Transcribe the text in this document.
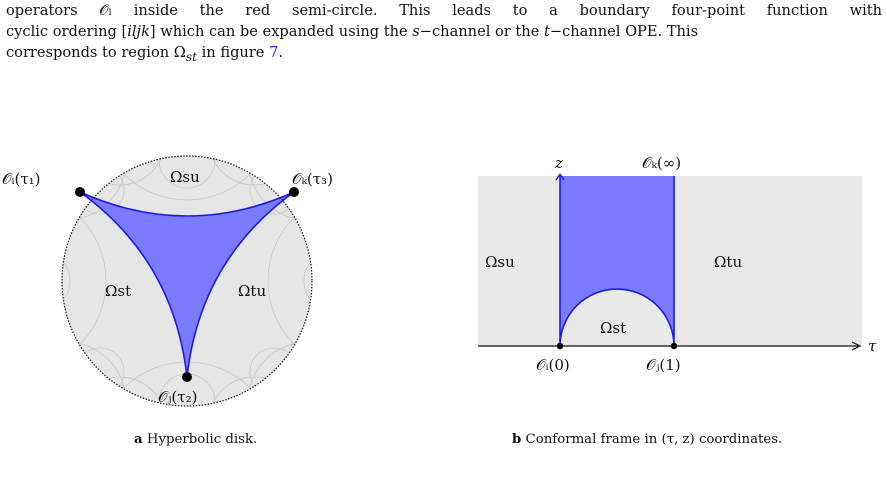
operators 𝒪ₗ inside the red semi-circle. This leads to a boundary four-point function with
cyclic ordering [iljk] which can be expanded using the s−channel or the t−channel OPE. This
corresponds to region $\Omega_{st}$ in figure 7.
𝒪ᵢ(τ₁)	𝒪ₖ(τ₃)
𝒪ⱼ(τ₂)
Ωsu
Ωst	Ωtu
z
τ
𝒪ₖ(∞)
𝒪ᵢ(0)	𝒪ⱼ(1)
Ωsu
Ωst
Ωtu
a Hyperbolic disk.	b Conformal frame in (τ, z) coordinates.
